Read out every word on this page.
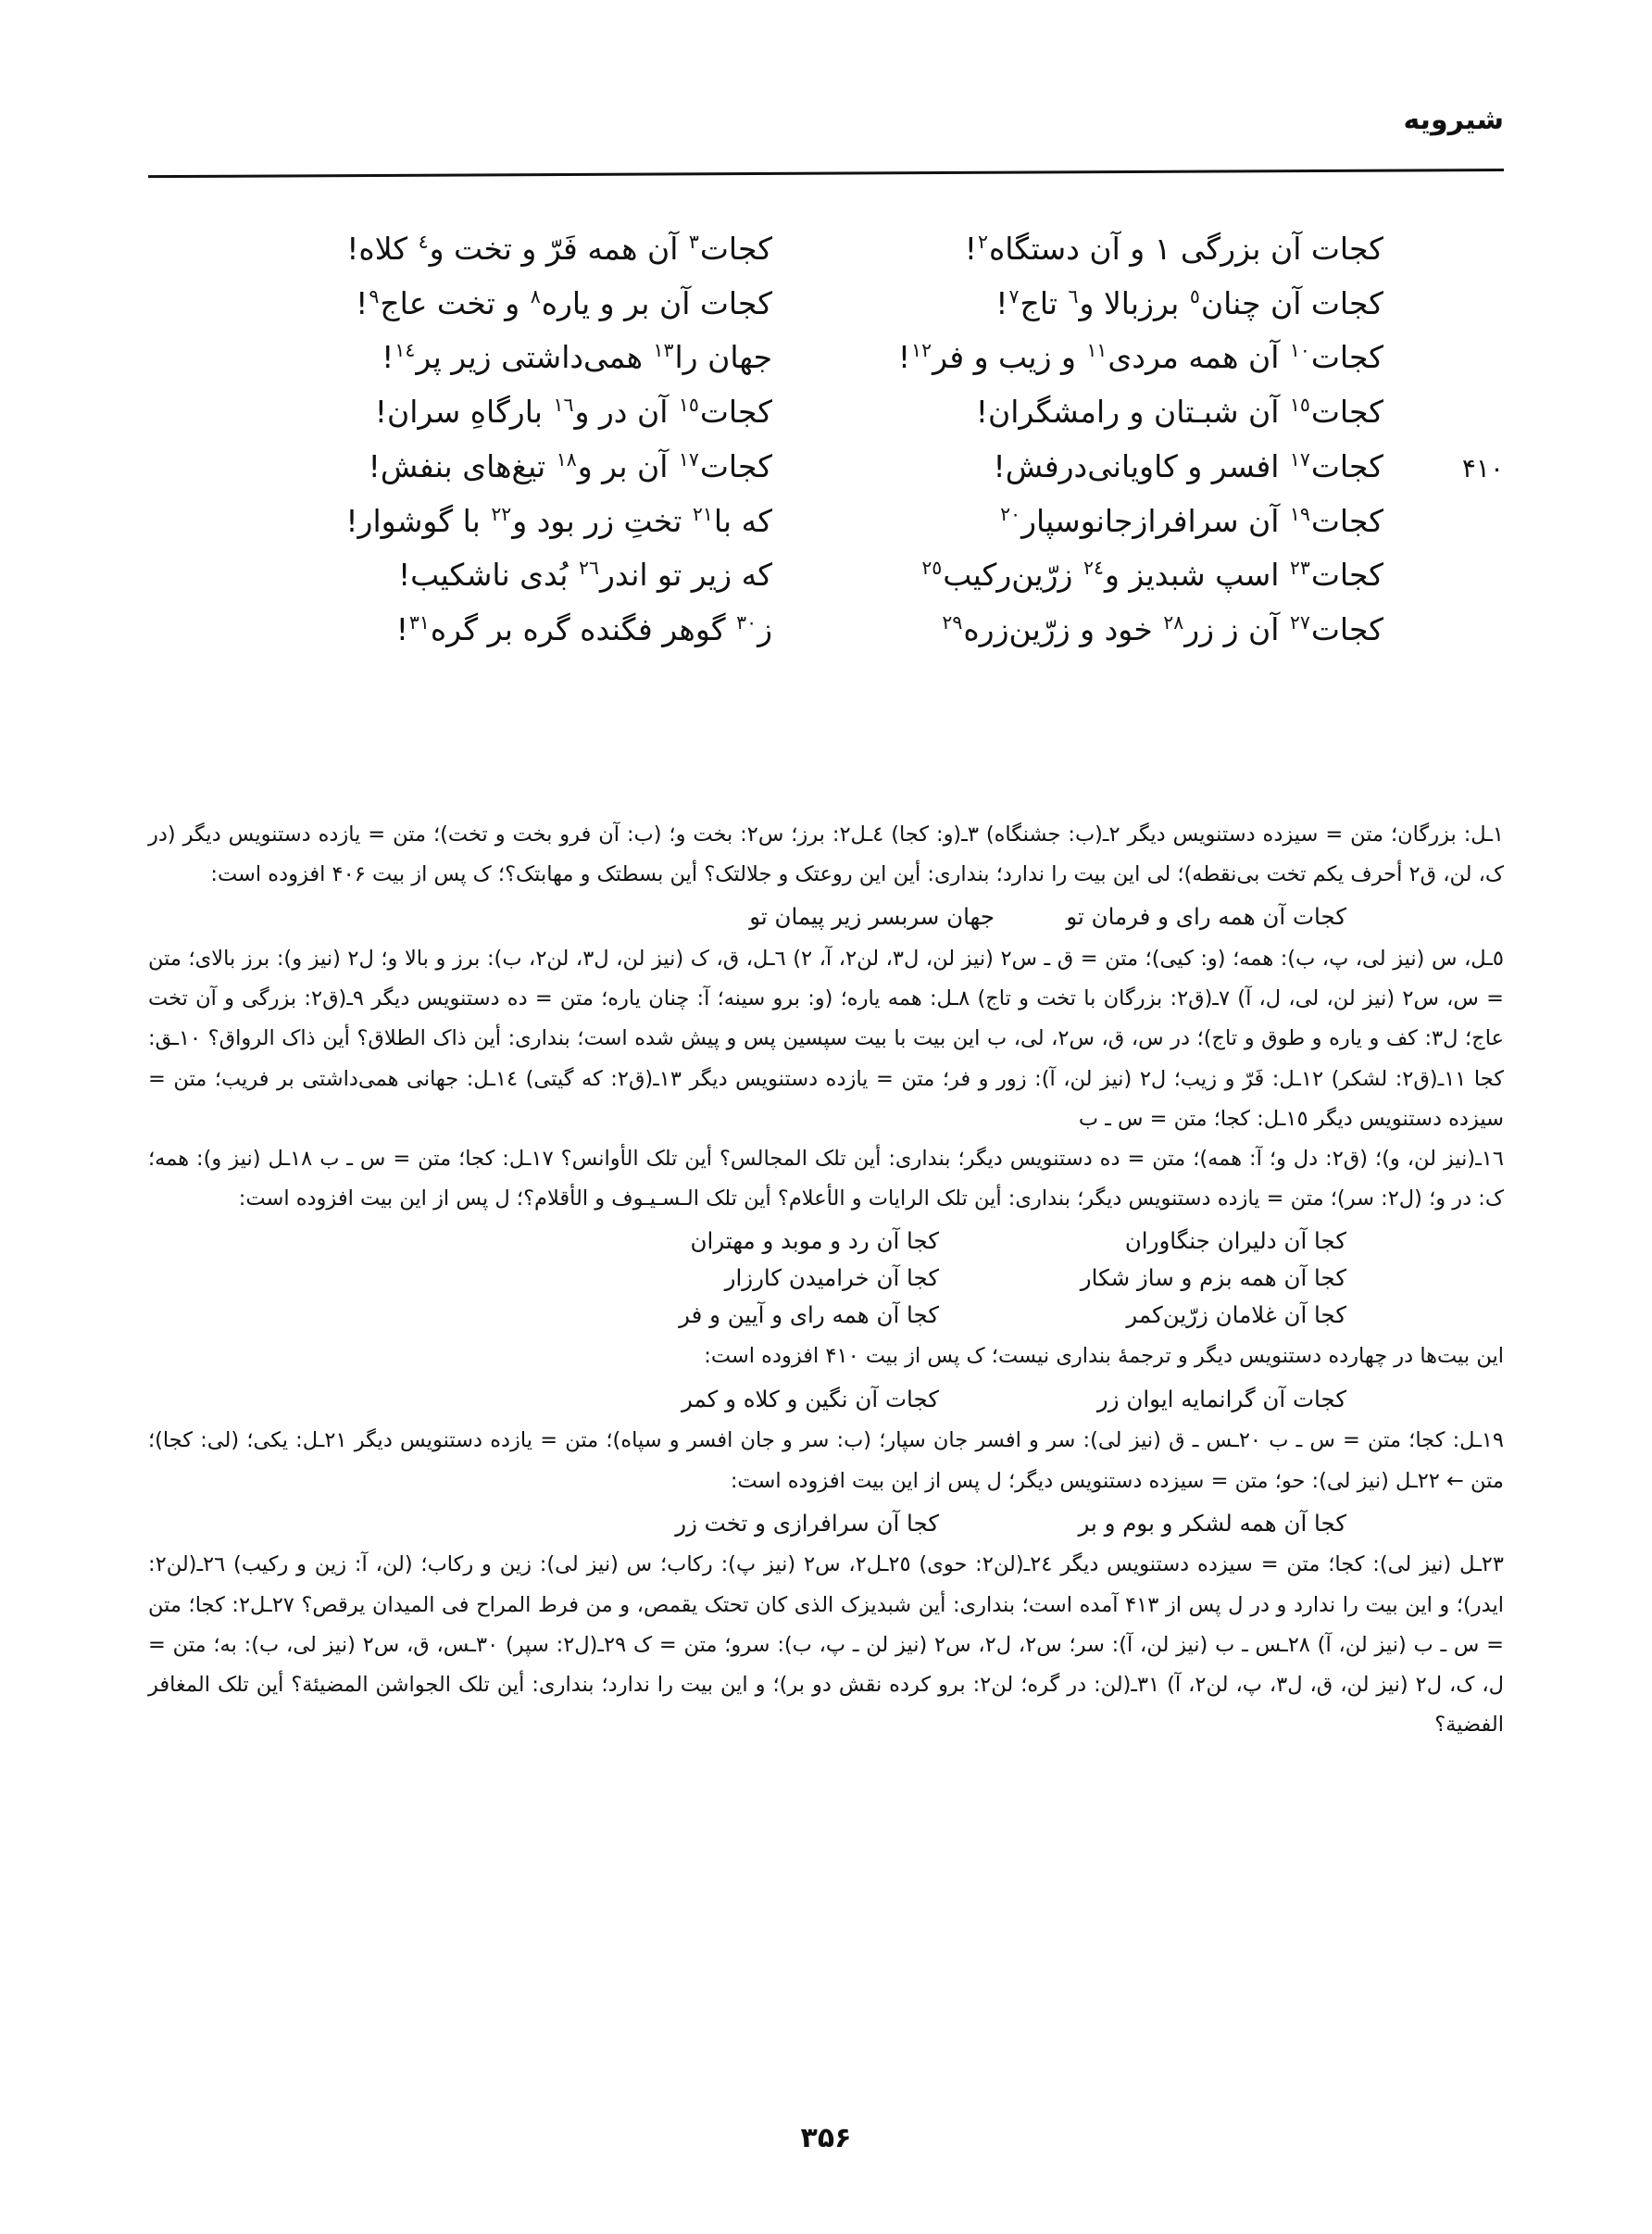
شیرویه
کجات آن بزرگی ١ و آن دستگاه$^٢$!
کجات$^٣$ آن همه فَرّ و تخت و$^٤$ کلاه!
کجات آن چنان$^٥$ برزبالا و$^٦$ تاج$^٧$!
کجات آن بر و یاره$^٨$ و تخت عاج$^٩$!
کجات$^{١٠}$ آن همه مردی$^{١١}$ و زیب و فر$^{١٢}$!
جهان را$^{١٣}$ همی‌داشتی زیر پر$^{١٤}$!
کجات$^{١٥}$ آن شبـتان و رامشگران!
کجات$^{١٥}$ آن در و$^{١٦}$ بارگاهِ سران!
۴۱۰
کجات$^{١٧}$ افسر و کاویانی‌درفش!
کجات$^{١٧}$ آن بر و$^{١٨}$ تیغ‌های بنفش!
کجات$^{١٩}$ آن سرافرازجانو‌سپار$^{٢٠}$
که با$^{٢١}$ تختِ زر بود و$^{٢٢}$ با گوشوار!
کجات$^{٢٣}$ اسپ شبدیز و$^{٢٤}$ زرّین‌رکیب$^{٢٥}$
که زیر تو اندر$^{٢٦}$ بُدی ناشکیب!
کجات$^{٢٧}$ آن ز زر$^{٢٨}$ خود و زرّین‌زره$^{٢٩}$
ز$^{٣٠}$ گوهر فگنده گره بر گره$^{٣١}$!

١ـل: بزرگان؛ متن = سیزده دستنویس دیگر ٢ـ(ب: جشنگاه) ٣ـ(و: کجا) ٤ـل٢: برز؛ س٢: بخت و؛ (ب: آن فرو بخت و تخت)؛ متن = یازده دستنویس دیگر (در ک، لن، ق٢ أحرف یکم تخت بی‌نقطه)؛ لی این بیت را ندارد؛ بنداری: أین این روعتک و جلالتک؟ أین بسطتک و مهابتک؟؛ ک پس از بیت ۴۰۶ افزوده است:

کجات آن همه رای و فرمان تو
جهان سربسر زیر پیمان تو

٥ـل، س (نیز لی، پ، ب): همه؛ (و: کیی)؛ متن = ق ـ س٢ (نیز لن، ل٣، لن٢، آ، ٢) ٦ـل، ق، ک (نیز لن، ل٣، لن٢، ب): برز و بالا و؛ ل٢ (نیز و): برز بالای؛ متن = س، س٢ (نیز لن، لی، ل، آ) ٧ـ(ق٢: بزرگان با تخت و تاج) ٨ـل: همه یاره؛ (و: برو سینه؛ آ: چنان یاره؛ متن = ده دستنویس دیگر ٩ـ(ق٢: بزرگی و آن تخت عاج؛ ل٣: کف و یاره و طوق و تاج)؛ در س، ق، س٢، لی، ب این بیت با بیت سپسین پس و پیش شده است؛ بنداری: أین ذاک الطلاق؟ أین ذاک الرواق؟ ١٠ـق: کجا ١١ـ(ق٢: لشکر) ١٢ـل: فَرّ و زیب؛ ل٢ (نیز لن، آ): زور و فر؛ متن = یازده دستنویس دیگر ١٣ـ(ق٢: که گیتی) ١٤ـل: جهانی همی‌داشتی بر فریب؛ متن = سیزده دستنویس دیگر ١٥ـل: کجا؛ متن = س ـ ب

١٦ـ(نیز لن، و)؛ (ق٢: دل و؛ آ: همه)؛ متن = ده دستنویس دیگر؛ بنداری: أین تلک المجالس؟ أین تلک الأوانس؟ ١٧ـل: کجا؛ متن = س ـ ب ١٨ـل (نیز و): همه؛ ک: در و؛ (ل٢: سر)؛ متن = یازده دستنویس دیگر؛ بنداری: أین تلک الرایات و الأعلام؟ أین تلک الـسـیـوف و الأقلام؟؛ ل پس از این بیت افزوده است:

کجا آن دلیران جنگاوران
کجا آن رد و موبد و مهتران
کجا آن همه بزم و ساز شکار
کجا آن خرامیدن کارزار
کجا آن غلامان زرّین‌کمر
کجا آن همه رای و آیین و فر

این بیت‌ها در چهارده دستنویس دیگر و ترجمهٔ بنداری نیست؛ ک پس از بیت ۴۱۰ افزوده است:

کجات آن گرانمایه ایوان زر
کجات آن نگین و کلاه و کمر

١٩ـل: کجا؛ متن = س ـ ب ٢٠ـس ـ ق (نیز لی): سر و افسر جان سپار؛ (ب: سر و جان افسر و سپاه)؛ متن = یازده دستنویس دیگر ٢١ـل: یکی؛ (لی: کجا)؛ متن ← ٢٢ـل (نیز لی): حو؛ متن = سیزده دستنویس دیگر؛ ل پس از این بیت افزوده است:

کجا آن همه لشکر و بوم و بر
کجا آن سرافرازی و تخت زر

٢٣ـل (نیز لی): کجا؛ متن = سیزده دستنویس دیگر ٢٤ـ(لن٢: حوی) ٢٥ـل٢، س٢ (نیز پ): رکاب؛ س (نیز لی): زین و رکاب؛ (لن، آ: زین و رکیب) ٢٦ـ(لن٢: ایدر)؛ و این بیت را ندارد و در ل پس از ۴۱۳ آمده است؛ بنداری: أین شبدیزک الذی کان تحتک یقمص، و من فرط المراح فی المیدان یرقص؟ ٢٧ـل٢: کجا؛ متن = س ـ ب (نیز لن، آ) ٢٨ـس ـ ب (نیز لن، آ): سر؛ س٢، ل٢، س٢ (نیز لن ـ پ، ب): سرو؛ متن = ک ٢٩ـ(ل٢: سپر) ٣٠ـس، ق، س٢ (نیز لی، ب): به؛ متن = ل، ک، ل٢ (نیز لن، ق، ل٣، پ، لن٢، آ) ٣١ـ(لن: در گره؛ لن٢: برو کرده نقش دو بر)؛ و این بیت را ندارد؛ بنداری: أین تلک الجواشن المضیئة؟ أین تلک المغافر الفضیة؟

۳۵۶
